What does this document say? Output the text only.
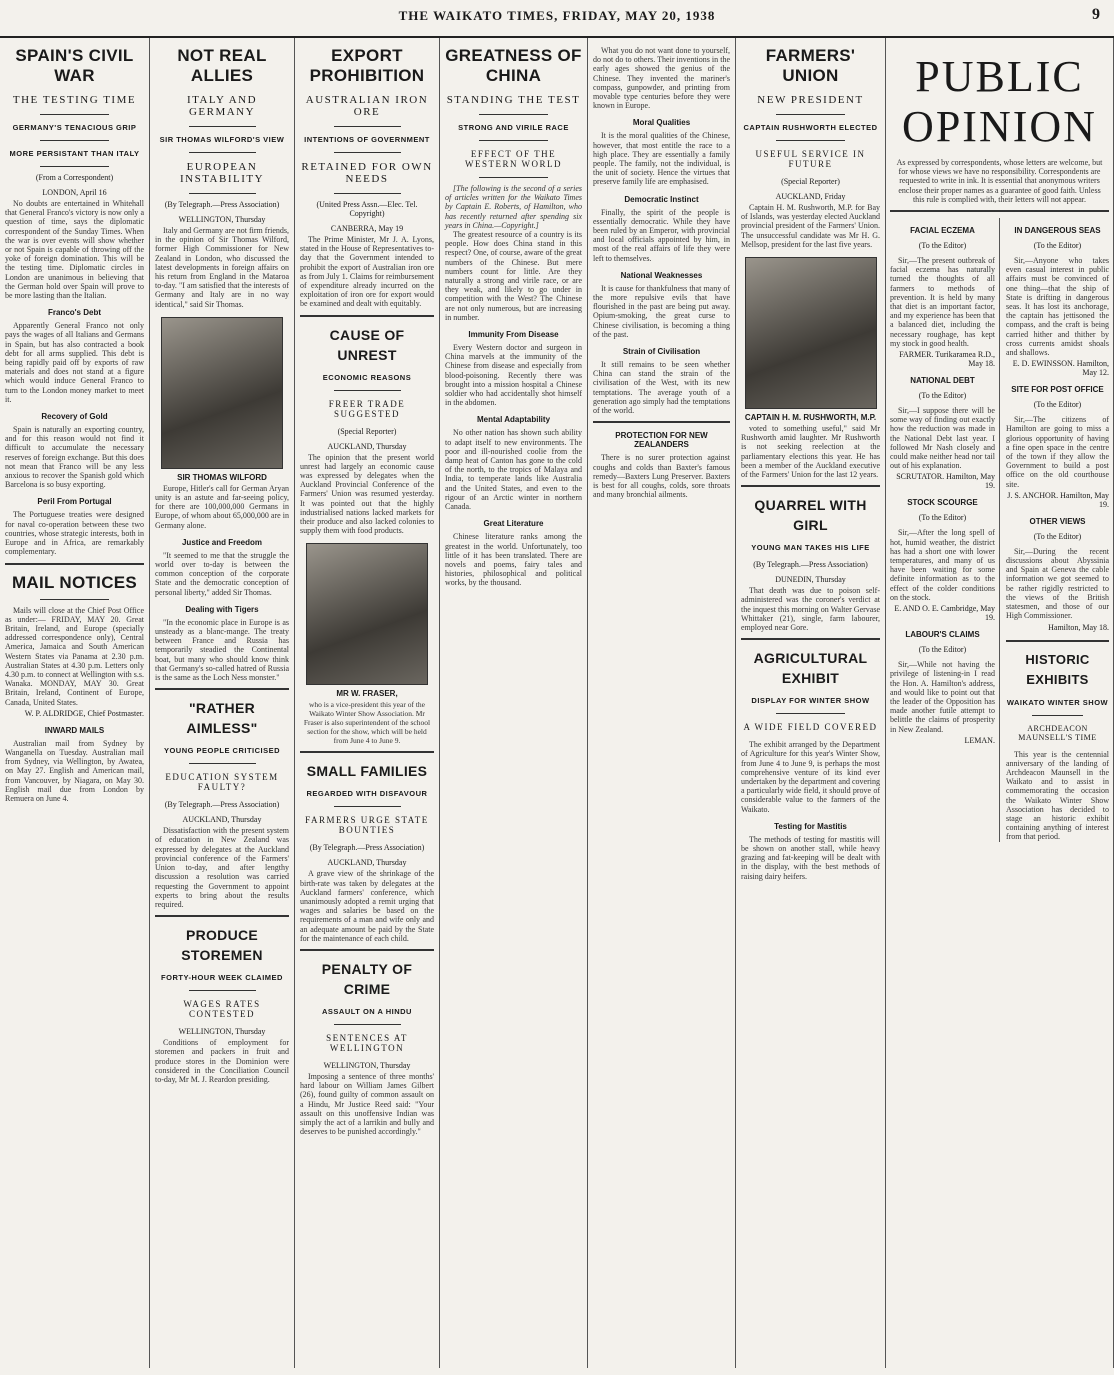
THE WAIKATO TIMES, FRIDAY, MAY 20, 1938	9
SPAIN'S CIVIL WAR
THE TESTING TIME
GERMANY'S TENACIOUS GRIP
MORE PERSISTANT THAN ITALY
(From a Correspondent)
LONDON, April 16

No doubts are entertained in Whitehall that General Franco's victory is now only a question of time, says the diplomatic correspondent of the Sunday Times. When the war is over events will show whether or not Spain is capable of throwing off the yoke of foreign domination. This will be the testing time. Diplomatic circles in London are unanimous in believing that the German hold over Spain will prove to be more lasting than the Italian.

Franco's Debt

Apparently General Franco not only pays the wages of all Italians and Germans in Spain, but has also contracted a book debt for all arms supplied. This debt is being rapidly paid off by exports of raw materials and does not stand at a figure which would induce General Franco to turn to the London money market to meet it.

Recovery of Gold

Spain is naturally an exporting country, and for this reason would not find it difficult to accumulate the necessary reserves of foreign exchange. But this does not mean that Franco will be any less anxious to recover the Spanish gold which Barcelona is so busy exporting.

Peril From Portugal

The Portuguese treaties were designed for naval co-operation between these two countries, whose strategic interests, both in Europe and in Africa, are remarkably complementary.

MAIL NOTICES

Mails will close at the Chief Post Office as under:— FRIDAY, MAY 20. Great Britain, Ireland, and Europe (specially addressed correspondence only), Central America, Jamaica and South American Western States via Panama at 2.30 p.m. Australian States at 4.30 p.m. Letters only 4.30 p.m. to connect at Wellington with s.s. Wanaka. MONDAY, MAY 30. Great Britain, Ireland, Continent of Europe, Canada, United States.

W. P. ALDRIDGE, Chief Postmaster.
INWARD MAILS

Australian mail from Sydney by Wanganella on Tuesday. Australian mail from Sydney, via Wellington, by Awatea, on May 27. English and American mail, from Vancouver, by Niagara, on May 30. English mail due from London by Remuera on June 4.

NOT REAL ALLIES
ITALY AND GERMANY
SIR THOMAS WILFORD'S VIEW
EUROPEAN INSTABILITY
(By Telegraph.—Press Association)
WELLINGTON, Thursday

Italy and Germany are not firm friends, in the opinion of Sir Thomas Wilford, former High Commissioner for New Zealand in London, who discussed the latest developments in foreign affairs on his return from England in the Mataroa to-day. "I am satisfied that the interests of Germany and Italy are in no way identical," said Sir Thomas.

SIR THOMAS WILFORD

Europe, Hitler's call for German Aryan unity is an astute and far-seeing policy, for there are 100,000,000 Germans in Europe, of whom about 65,000,000 are in Germany alone.

Justice and Freedom

"It seemed to me that the struggle the world over to-day is between the common conception of the corporate State and the democratic conception of personal liberty," added Sir Thomas.

Dealing with Tigers

"In the economic place in Europe is as unsteady as a blanc-mange. The treaty between France and Russia has temporarily steadied the Continental boat, but many who should know think that Germany's so-called hatred of Russia is the same as the Loch Ness monster."

"RATHER AIMLESS"
YOUNG PEOPLE CRITICISED
EDUCATION SYSTEM FAULTY?
(By Telegraph.—Press Association)
AUCKLAND, Thursday

Dissatisfaction with the present system of education in New Zealand was expressed by delegates at the Auckland provincial conference of the Farmers' Union to-day, and after lengthy discussion a resolution was carried requesting the Government to appoint experts to bring about the results required.

PRODUCE STOREMEN
FORTY-HOUR WEEK CLAIMED
WAGES RATES CONTESTED
WELLINGTON, Thursday

Conditions of employment for storemen and packers in fruit and produce stores in the Dominion were considered in the Conciliation Council to-day, Mr M. J. Reardon presiding.

EXPORT PROHIBITION
AUSTRALIAN IRON ORE
INTENTIONS OF GOVERNMENT
RETAINED FOR OWN NEEDS
(United Press Assn.—Elec. Tel. Copyright)
CANBERRA, May 19

The Prime Minister, Mr J. A. Lyons, stated in the House of Representatives to-day that the Government intended to prohibit the export of Australian iron ore as from July 1. Claims for reimbursement of expenditure already incurred on the exploitation of iron ore for export would be examined and dealt with equitably.

CAUSE OF UNREST
ECONOMIC REASONS
FREER TRADE SUGGESTED
(Special Reporter)
AUCKLAND, Thursday

The opinion that the present world unrest had largely an economic cause was expressed by delegates when the Auckland Provincial Conference of the Farmers' Union was resumed yesterday. It was pointed out that the highly industrialised nations lacked markets for their produce and also lacked colonies to supply them with food products.

MR W. FRASER,

who is a vice-president this year of the Waikato Winter Show Association. Mr Fraser is also superintendent of the school section for the show, which will be held from June 4 to June 9.

SMALL FAMILIES
REGARDED WITH DISFAVOUR
FARMERS URGE STATE BOUNTIES
(By Telegraph.—Press Association)
AUCKLAND, Thursday

A grave view of the shrinkage of the birth-rate was taken by delegates at the Auckland farmers' conference, which unanimously adopted a remit urging that wages and salaries be based on the requirements of a man and wife only and an adequate amount be paid by the State for the maintenance of each child.

PENALTY OF CRIME
ASSAULT ON A HINDU
SENTENCES AT WELLINGTON
WELLINGTON, Thursday

Imposing a sentence of three months' hard labour on William James Gilbert (26), found guilty of common assault on a Hindu, Mr Justice Reed said: "Your assault on this unoffensive Indian was simply the act of a larrikin and bully and deserves to be punished accordingly."

GREATNESS OF CHINA
STANDING THE TEST
STRONG AND VIRILE RACE
EFFECT OF THE WESTERN WORLD

[The following is the second of a series of articles written for the Waikato Times by Captain E. Roberts, of Hamilton, who has recently returned after spending six years in China.—Copyright.]

The greatest resource of a country is its people. How does China stand in this respect? One, of course, aware of the great numbers of the Chinese. But mere numbers count for little. Are they naturally a strong and virile race, or are they weak, and likely to go under in competition with the West? The Chinese are not only numerous, but are increasing in number.

Immunity From Disease

Every Western doctor and surgeon in China marvels at the immunity of the Chinese from disease and especially from blood-poisoning. Recently there was brought into a mission hospital a Chinese soldier who had accidentally shot himself in the abdomen.

Mental Adaptability

No other nation has shown such ability to adapt itself to new environments. The poor and ill-nourished coolie from the damp heat of Canton has gone to the cold of the north, to the tropics of Malaya and India, to temperate lands like Australia and the United States, and even to the rigour of an Arctic winter in northern Canada.

Great Literature

Chinese literature ranks among the greatest in the world. Unfortunately, too little of it has been translated. There are novels and poems, fairy tales and histories, philosophical and political works, by the thousand.

What you do not want done to yourself, do not do to others. Their inventions in the early ages showed the genius of the Chinese. They invented the mariner's compass, gunpowder, and printing from movable type centuries before they were known in Europe.

Moral Qualities

It is the moral qualities of the Chinese, however, that most entitle the race to a high place. They are essentially a family people. The family, not the individual, is the unit of society. Hence the virtues that preserve family life are emphasised.

Democratic Instinct

Finally, the spirit of the people is essentially democratic. While they have been ruled by an Emperor, with provincial and local officials appointed by him, in most of the real affairs of life they were left to themselves.

National Weaknesses

It is cause for thankfulness that many of the more repulsive evils that have flourished in the past are being put away. Opium-smoking, the great curse to Chinese civilisation, is becoming a thing of the past.

Strain of Civilisation

It still remains to be seen whether China can stand the strain of the civilisation of the West, with its new temptations. The average youth of a generation ago simply had the temptations of the world.

PROTECTION FOR NEW ZEALANDERS

There is no surer protection against coughs and colds than Baxter's famous remedy—Baxters Lung Preserver. Baxters is best for all coughs, colds, sore throats and many bronchial ailments.

FARMERS' UNION
NEW PRESIDENT
CAPTAIN RUSHWORTH ELECTED
USEFUL SERVICE IN FUTURE
(Special Reporter)
AUCKLAND, Friday

Captain H. M. Rushworth, M.P. for Bay of Islands, was yesterday elected Auckland provincial president of the Farmers' Union. The unsuccessful candidate was Mr H. G. Mellsop, president for the last five years.

CAPTAIN H. M. RUSHWORTH, M.P.

voted to something useful," said Mr Rushworth amid laughter. Mr Rushworth is not seeking reelection at the parliamentary elections this year. He has been a member of the Auckland executive of the Farmers' Union for the last 12 years.

QUARREL WITH GIRL
YOUNG MAN TAKES HIS LIFE
(By Telegraph.—Press Association)
DUNEDIN, Thursday

That death was due to poison self-administered was the coroner's verdict at the inquest this morning on Walter Gervase Whittaker (21), single, farm labourer, employed near Gore.

AGRICULTURAL EXHIBIT
DISPLAY FOR WINTER SHOW
A WIDE FIELD COVERED

The exhibit arranged by the Department of Agriculture for this year's Winter Show, from June 4 to June 9, is perhaps the most comprehensive venture of its kind ever undertaken by the department and covering a particularly wide field, it should prove of considerable value to the farmers of the Waikato.

Testing for Mastitis

The methods of testing for mastitis will be shown on another stall, while heavy grazing and fat-keeping will be dealt with in the display, with the best methods of raising dairy heifers.

PUBLIC OPINION

As expressed by correspondents, whose letters are welcome, but for whose views we have no responsibility. Correspondents are requested to write in ink. It is essential that anonymous writers enclose their proper names as a guarantee of good faith. Unless this rule is complied with, their letters will not appear.

FACIAL ECZEMA
(To the Editor)

Sir,—The present outbreak of facial eczema has naturally turned the thoughts of all farmers to methods of prevention. It is held by many that diet is an important factor, and my experience has been that a balanced diet, including the necessary roughage, has kept my stock in good health.

FARMER. Turikaramea R.D., May 18.
NATIONAL DEBT
(To the Editor)

Sir,—I suppose there will be some way of finding out exactly how the reduction was made in the National Debt last year. I followed Mr Nash closely and could make neither head nor tail out of his explanation.

SCRUTATOR. Hamilton, May 19.
STOCK SCOURGE
(To the Editor)

Sir,—After the long spell of hot, humid weather, the district has had a short one with lower temperatures, and many of us have been waiting for some definite information as to the effect of the colder conditions on the stock.

E. AND O. E. Cambridge, May 19.
LABOUR'S CLAIMS
(To the Editor)

Sir,—While not having the privilege of listening-in I read the Hon. A. Hamilton's address, and would like to point out that the leader of the Opposition has made another futile attempt to belittle the claims of prosperity in New Zealand.

LEMAN.
IN DANGEROUS SEAS
(To the Editor)

Sir,—Anyone who takes even casual interest in public affairs must be convinced of one thing—that the ship of State is drifting in dangerous seas. It has lost its anchorage, the captain has jettisoned the compass, and the craft is being carried hither and thither by cross currents amidst shoals and shallows.

E. D. EWINSSON. Hamilton, May 12.
SITE FOR POST OFFICE
(To the Editor)

Sir,—The citizens of Hamilton are going to miss a glorious opportunity of having a fine open space in the centre of the town if they allow the Government to build a post office on the old courthouse site.

J. S. ANCHOR. Hamilton, May 19.
OTHER VIEWS
(To the Editor)

Sir,—During the recent discussions about Abyssinia and Spain at Geneva the cable information we got seemed to be rather rigidly restricted to the views of the British statesmen, and those of our High Commissioner.

Hamilton, May 18.
HISTORIC EXHIBITS
WAIKATO WINTER SHOW
ARCHDEACON MAUNSELL'S TIME

This year is the centennial anniversary of the landing of Archdeacon Maunsell in the Waikato and to assist in commemorating the occasion the Waikato Winter Show Association has decided to stage an historic exhibit containing anything of interest from that period.
